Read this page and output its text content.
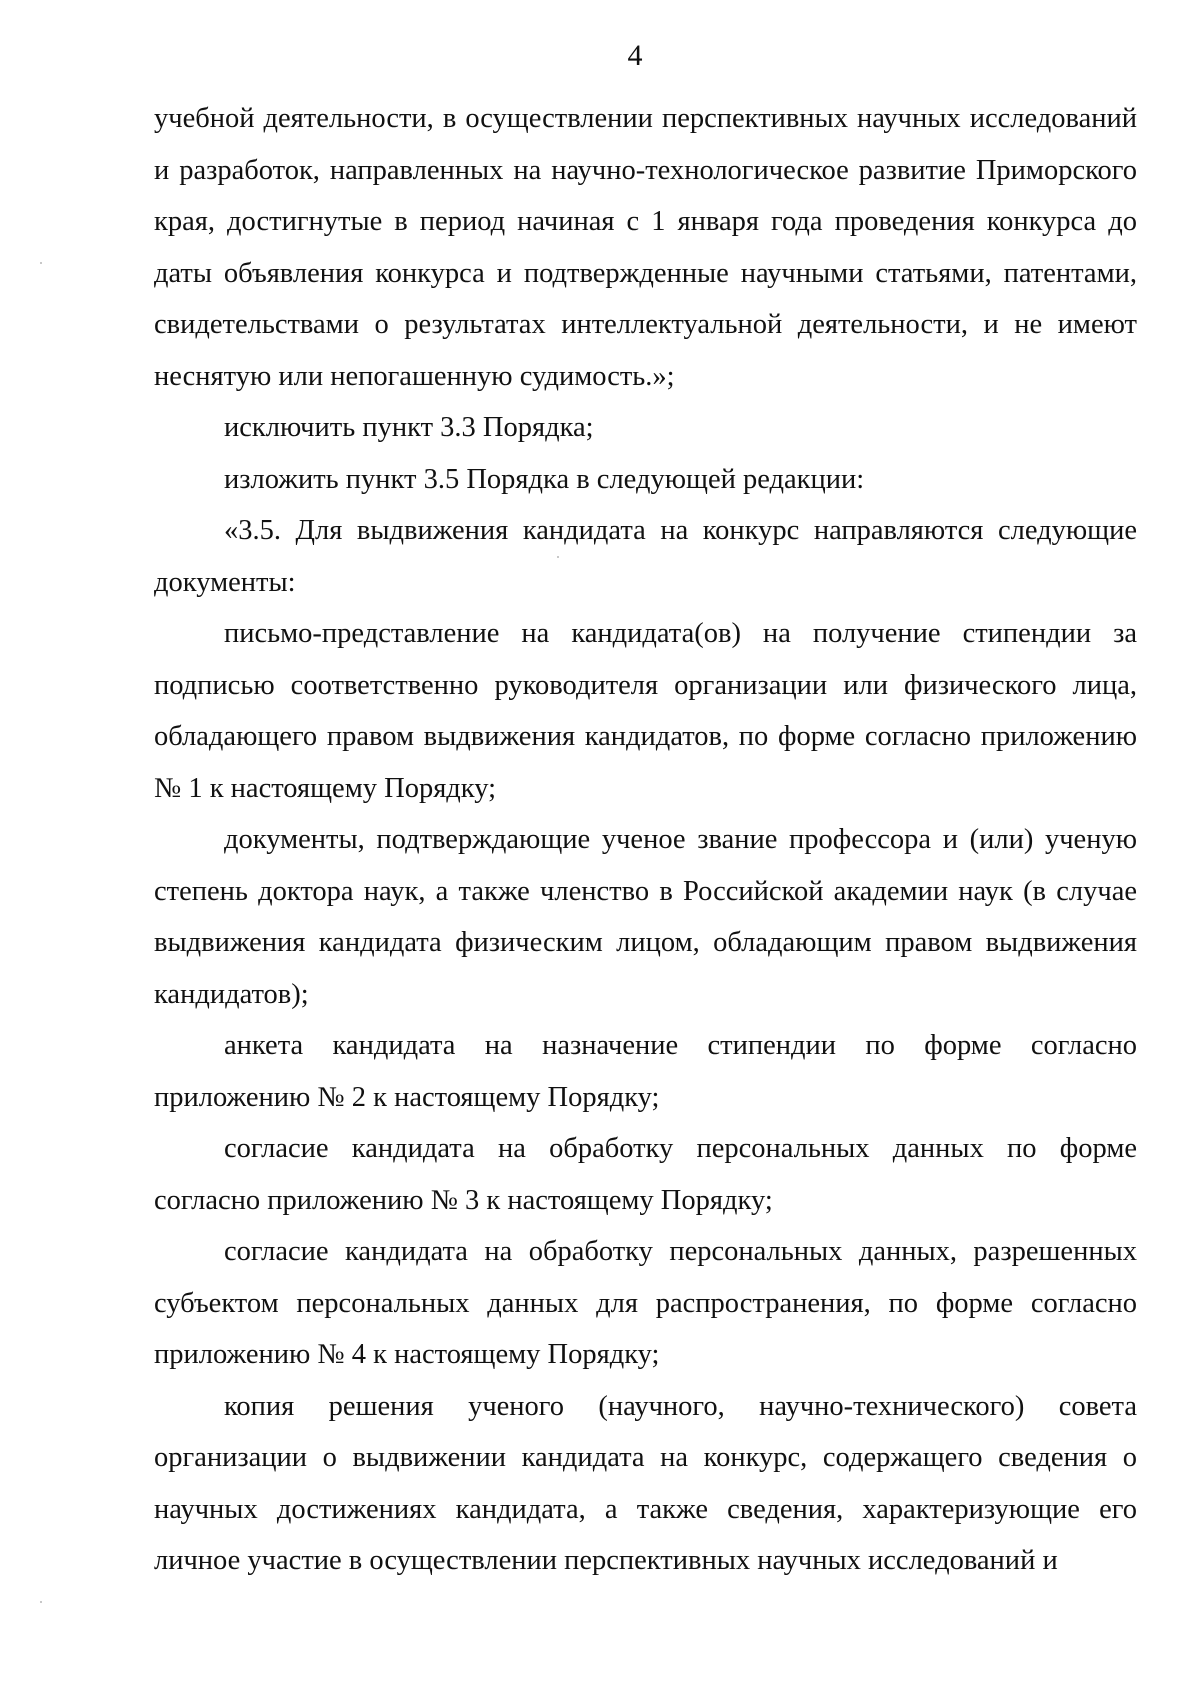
4

учебной деятельности, в осуществлении перспективных научных исследований и разработок, направленных на научно-технологическое развитие Приморского края, достигнутые в период начиная с 1 января года проведения конкурса до даты объявления конкурса и подтвержденные научными статьями, патентами, свидетельствами о результатах интеллектуальной деятельности, и не имеют неснятую или непогашенную судимость.»;

исключить пункт 3.3 Порядка;

изложить пункт 3.5 Порядка в следующей редакции:

«3.5. Для выдвижения кандидата на конкурс направляются следующие документы:

письмо-представление на кандидата(ов) на получение стипендии за подписью соответственно руководителя организации или физического лица, обладающего правом выдвижения кандидатов, по форме согласно приложению № 1 к настоящему Порядку;

документы, подтверждающие ученое звание профессора и (или) ученую степень доктора наук, а также членство в Российской академии наук (в случае выдвижения кандидата физическим лицом, обладающим правом выдвижения кандидатов);

анкета кандидата на назначение стипендии по форме согласно приложению № 2 к настоящему Порядку;

согласие кандидата на обработку персональных данных по форме согласно приложению № 3 к настоящему Порядку;

согласие кандидата на обработку персональных данных, разрешенных субъектом персональных данных для распространения, по форме согласно приложению № 4 к настоящему Порядку;

копия решения ученого (научного, научно-технического) совета организации о выдвижении кандидата на конкурс, содержащего сведения о научных достижениях кандидата, а также сведения, характеризующие его личное участие в осуществлении перспективных научных исследований и
